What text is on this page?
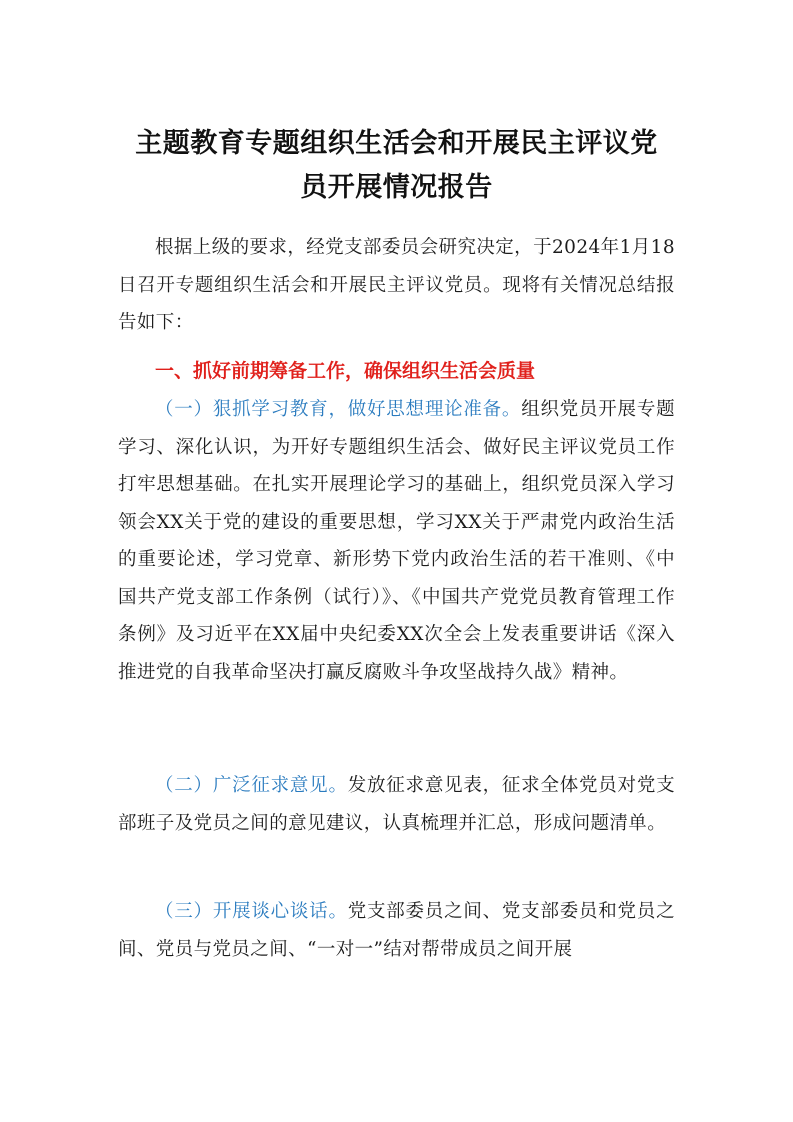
主题教育专题组织生活会和开展民主评议党
员开展情况报告

根据上级的要求，经党支部委员会研究决定，于2024年1月18日召开专题组织生活会和开展民主评议党员。现将有关情况总结报告如下：

一、抓好前期筹备工作，确保组织生活会质量

（一）狠抓学习教育，做好思想理论准备。组织党员开展专题学习、深化认识，为开好专题组织生活会、做好民主评议党员工作打牢思想基础。在扎实开展理论学习的基础上，组织党员深入学习领会XX关于党的建设的重要思想，学习XX关于严肃党内政治生活的重要论述，学习党章、新形势下党内政治生活的若干准则、《中国共产党支部工作条例（试行）》、《中国共产党党员教育管理工作条例》及习近平在XX届中央纪委XX次全会上发表重要讲话《深入推进党的自我革命坚决打赢反腐败斗争攻坚战持久战》精神。

（二）广泛征求意见。发放征求意见表，征求全体党员对党支部班子及党员之间的意见建议，认真梳理并汇总，形成问题清单。

（三）开展谈心谈话。党支部委员之间、党支部委员和党员之间、党员与党员之间、“一对一”结对帮带成员之间开展
